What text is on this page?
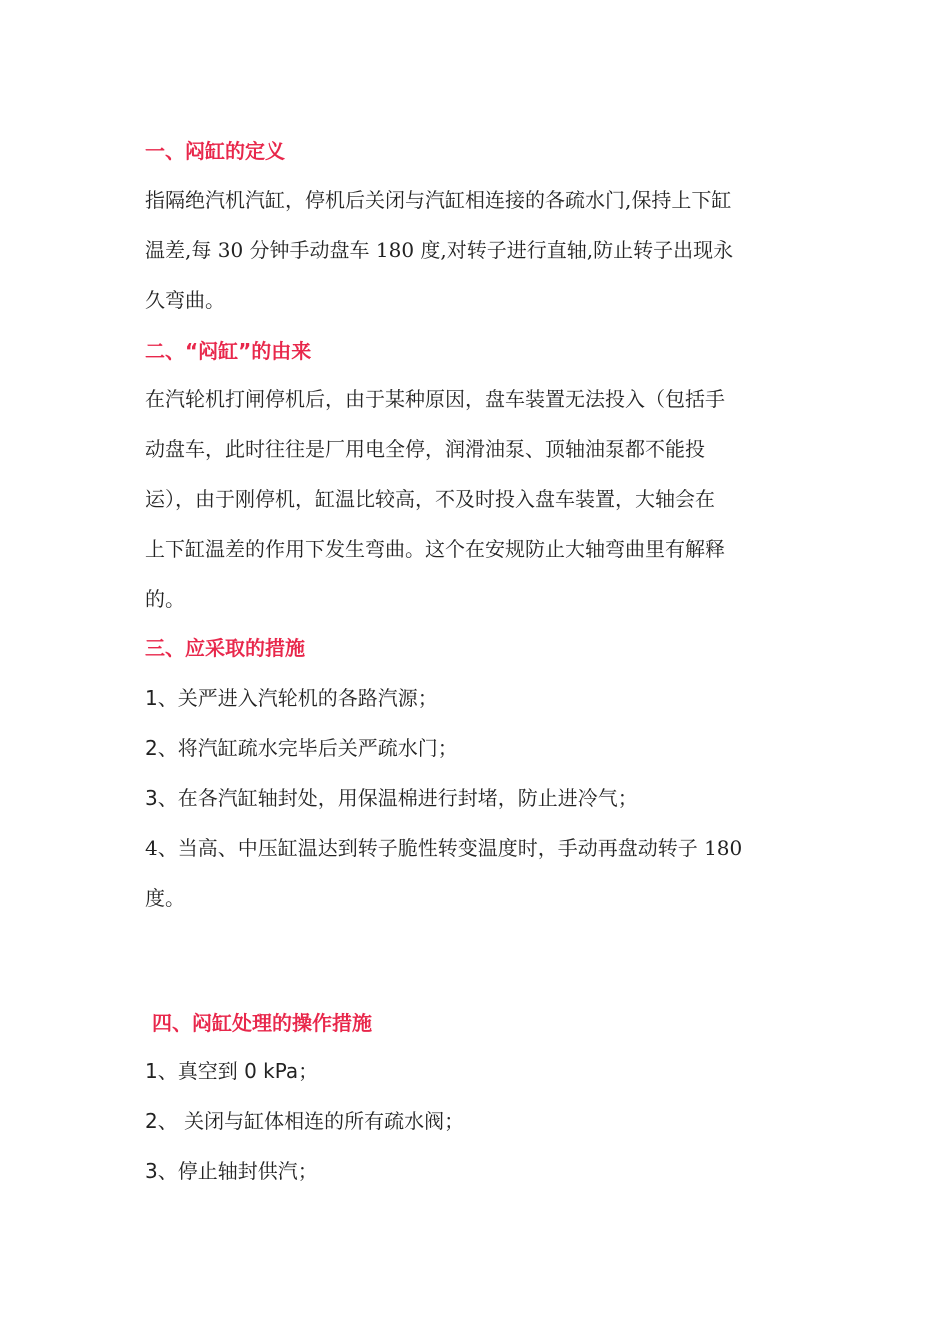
一、闷缸的定义
指隔绝汽机汽缸，停机后关闭与汽缸相连接的各疏水门,保持上下缸
温差,每 30 分钟手动盘车 180 度,对转子进行直轴,防止转子出现永
久弯曲。
二、“闷缸”的由来
在汽轮机打闸停机后，由于某种原因，盘车装置无法投入（包括手
动盘车，此时往往是厂用电全停，润滑油泵、顶轴油泵都不能投
运），由于刚停机，缸温比较高，不及时投入盘车装置，大轴会在
上下缸温差的作用下发生弯曲。这个在安规防止大轴弯曲里有解释
的。
三、应采取的措施
1、关严进入汽轮机的各路汽源；
2、将汽缸疏水完毕后关严疏水门；
3、在各汽缸轴封处，用保温棉进行封堵，防止进冷气；
4、当高、中压缸温达到转子脆性转变温度时，手动再盘动转子 180
度。
四、闷缸处理的操作措施
1、真空到 0 kPa；
2、 关闭与缸体相连的所有疏水阀；
3、停止轴封供汽；
